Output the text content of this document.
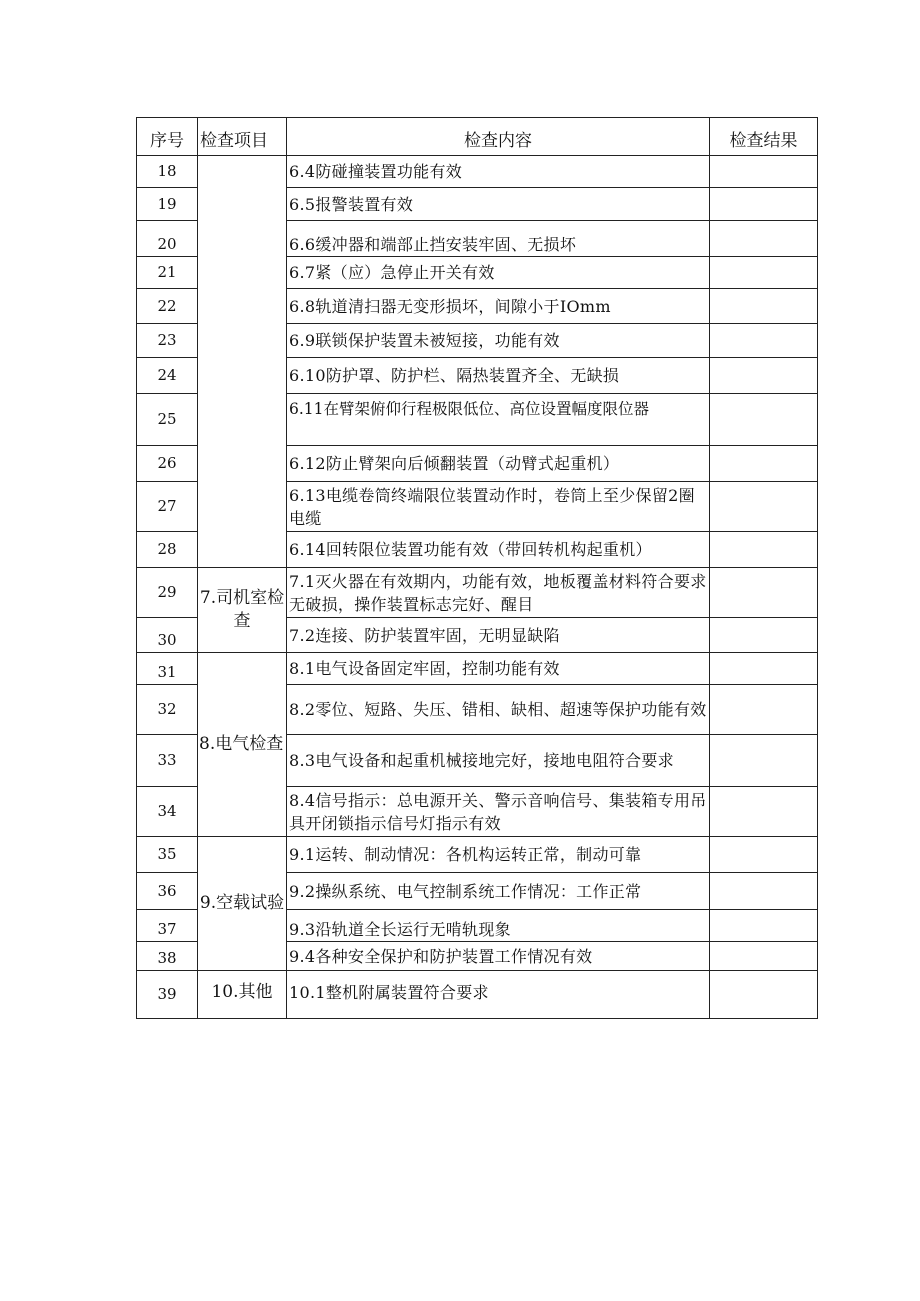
序号	检查项目	检查内容	检查结果
18		6.4防碰撞装置功能有效	
19		6.5报警装置有效	
20		6.6缓冲器和端部止挡安装牢固、无损坏	
21		6.7紧（应）急停止开关有效	
22		6.8轨道清扫器无变形损坏，间隙小于IOmm	
23		6.9联锁保护装置未被短接，功能有效	
24		6.10防护罩、防护栏、隔热装置齐全、无缺损	
25		6.11在臂架俯仰行程极限低位、高位设置幅度限位器	
26		6.12防止臂架向后倾翻装置（动臂式起重机）	
27		6.13电缆卷筒终端限位装置动作时，卷筒上至少保留2圈电缆	
28		6.14回转限位装置功能有效（带回转机构起重机）	
29	7.司机室检查	7.1灭火器在有效期内，功能有效，地板覆盖材料符合要求无破损，操作装置标志完好、醒目	
30		7.2连接、防护装置牢固，无明显缺陷	
31	8.电气检查	8.1电气设备固定牢固，控制功能有效	
32		8.2零位、短路、失压、错相、缺相、超速等保护功能有效	
33		8.3电气设备和起重机械接地完好，接地电阻符合要求	
34		8.4信号指示：总电源开关、警示音响信号、集装箱专用吊具开闭锁指示信号灯指示有效	
35	9.空载试验	9.1运转、制动情况：各机构运转正常，制动可靠	
36		9.2操纵系统、电气控制系统工作情况：工作正常	
37		9.3沿轨道全长运行无啃轨现象	
38		9.4各种安全保护和防护装置工作情况有效	
39	10.其他	10.1整机附属装置符合要求	
